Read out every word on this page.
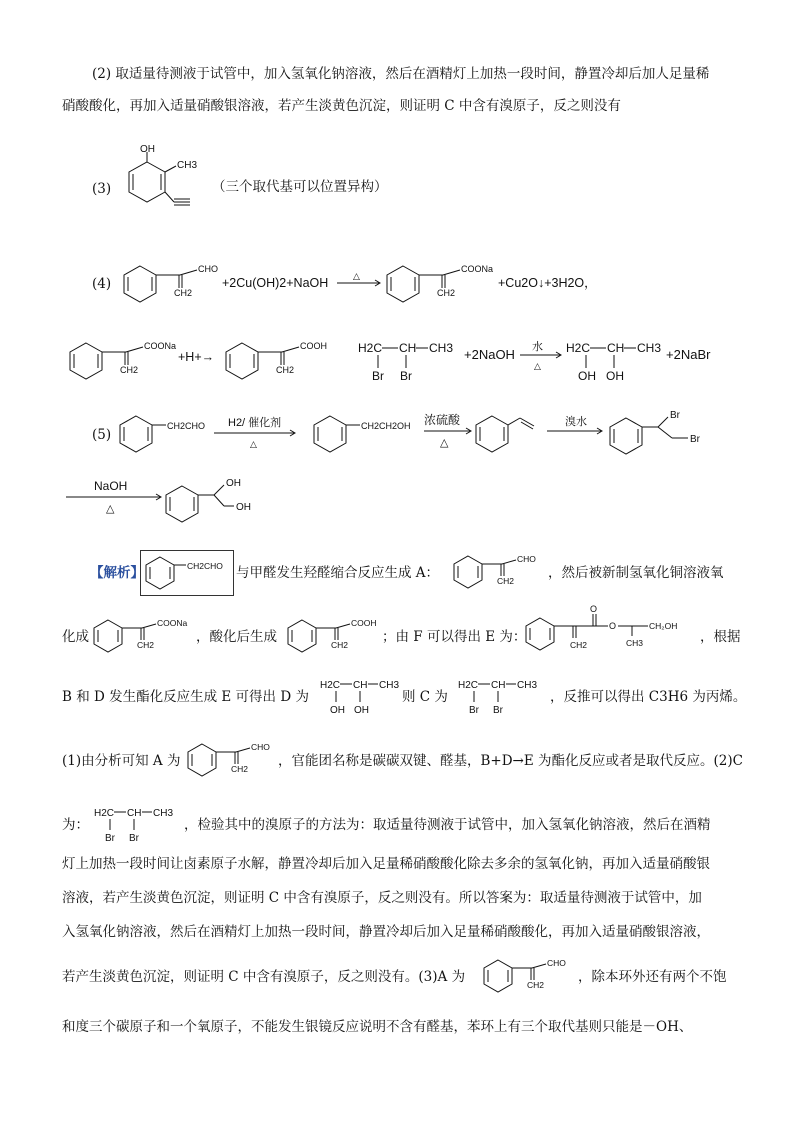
(2) 取适量待测液于试管中，加入氢氧化钠溶液，然后在酒精灯上加热一段时间，静置冷却后加人足量稀
硝酸酸化，再加入适量硝酸银溶液，若产生淡黄色沉淀，则证明 C 中含有溴原子，反之则没有
(3)
OH
CH3
（三个取代基可以位置异构）
(4)
CHO
CH2
+2Cu(OH)2+NaOH	△
COONa
CH2
+Cu2O↓+3H2O，
COONa
CH2
+H+→
COOH
CH2
H2C CH CH3
Br Br
+2NaOH 水
△
H2C CH CH3
OH OH
+2NaBr
(5)
CH2CHO H2/ 催化剂
△
CH2CH2OH 浓硫酸
△
溴水
Br
Br
NaOH
△
OH
OH
【解析】	CH2CHO 与甲醛发生羟醛缩合反应生成 A：
CHO
CH2	，然后被新制氢氧化铜溶液氧
化成
COONa
CH2	，酸化后生成
COOH
CH2	；由 F 可以得出 E 为：
O
O
CH2	CH3
CH₂OH
，根据
B 和 D 发生酯化反应生成 E 可得出 D 为
H2C CH CH3
OH OH
则 C 为
H2C CH CH3
Br Br
，反推可以得出 C3H6 为丙烯。
(1)由分析可知 A 为
CHO
CH2 ，官能团名称是碳碳双键、醛基，B+D→E 为酯化反应或者是取代反应。(2)C
为：
H2C CH CH3
Br Br
，检验其中的溴原子的方法为：取适量待测液于试管中，加入氢氧化钠溶液，然后在酒精
灯上加热一段时间让卤素原子水解，静置冷却后加入足量稀硝酸酸化除去多余的氢氧化钠，再加入适量硝酸银
溶液，若产生淡黄色沉淀，则证明 C 中含有溴原子，反之则没有。所以答案为：取适量待测液于试管中，加
入氢氧化钠溶液，然后在酒精灯上加热一段时间，静置冷却后加入足量稀硝酸酸化，再加入适量硝酸银溶液，
若产生淡黄色沉淀，则证明 C 中含有溴原子，反之则没有。(3)A 为
CHO
CH2	，除本环外还有两个不饱
和度三个碳原子和一个氧原子，不能发生银镜反应说明不含有醛基，苯环上有三个取代基则只能是－OH、
